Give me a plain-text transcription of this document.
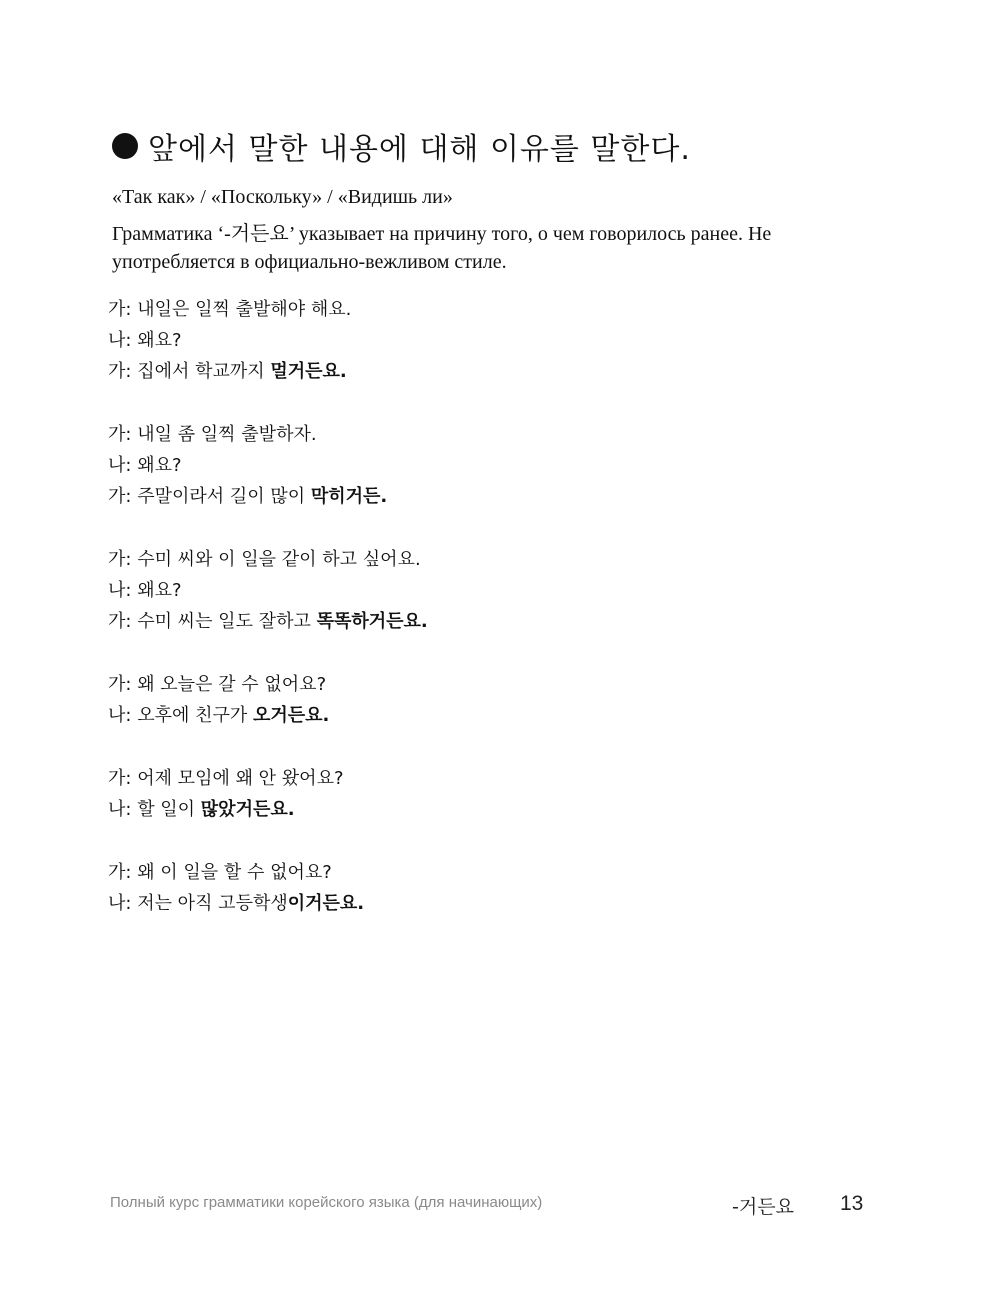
앞에서 말한 내용에 대해 이유를 말한다.
«Так как» / «Поскольку» / «Видишь ли»

Грамматика ‘-거든요’ указывает на причину того, о чем говорилось ранее. Не употребляется в официально-вежливом стиле.

가: 내일은 일찍 출발해야 해요.
나: 왜요?
가: 집에서 학교까지 멀거든요.
가: 내일 좀 일찍 출발하자.
나: 왜요?
가: 주말이라서 길이 많이 막히거든.
가: 수미 씨와 이 일을 같이 하고 싶어요.
나: 왜요?
가: 수미 씨는 일도 잘하고 똑똑하거든요.
가: 왜 오늘은 갈 수 없어요?
나: 오후에 친구가 오거든요.
가: 어제 모임에 왜 안 왔어요?
나: 할 일이 많았거든요.
가: 왜 이 일을 할 수 없어요?
나: 저는 아직 고등학생이거든요.
Полный курс грамматики корейского языка (для начинающих)	-거든요 13
